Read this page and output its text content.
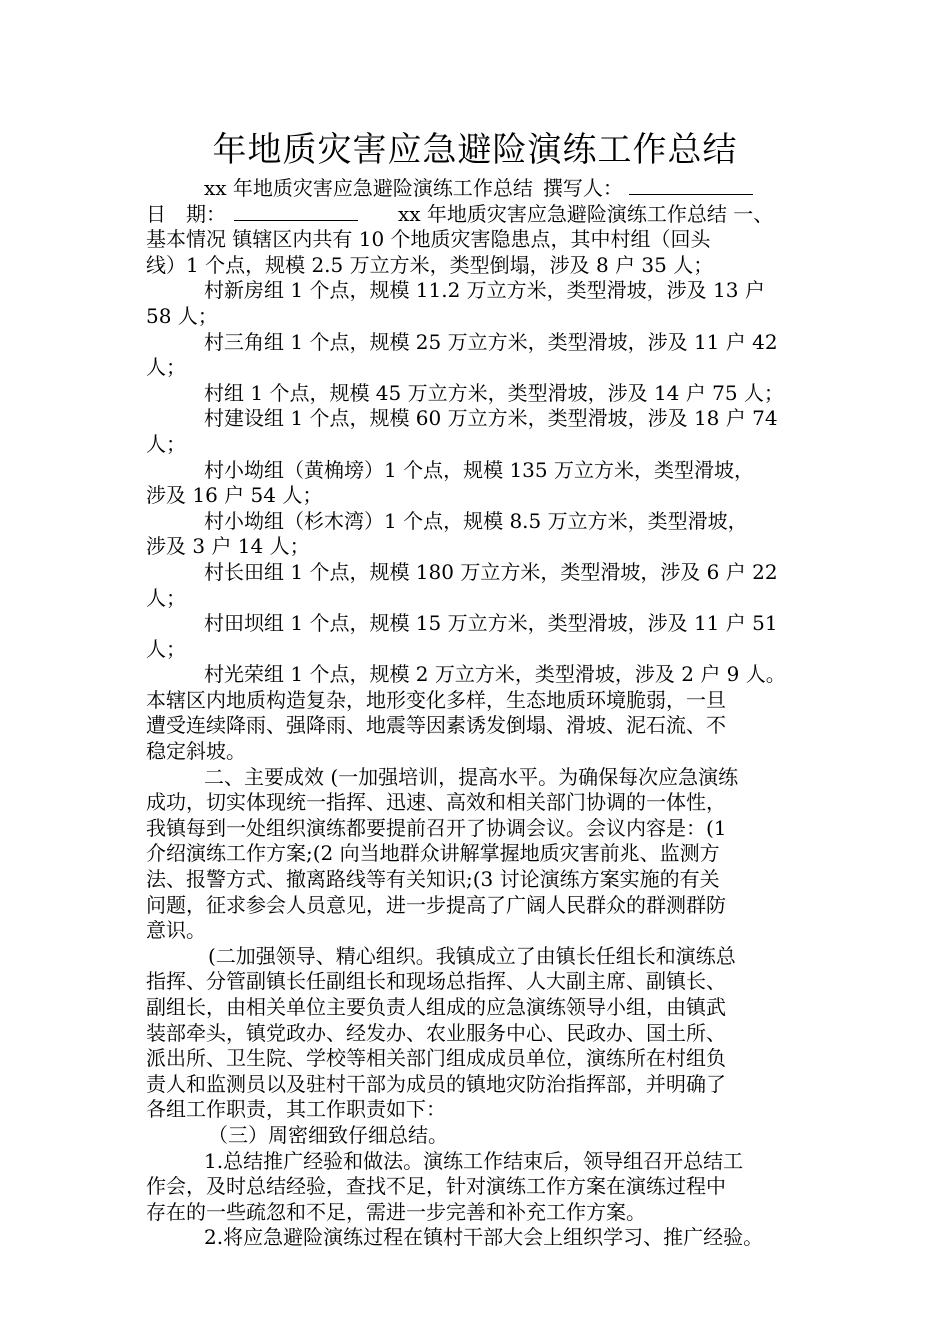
年地质灾害应急避险演练工作总结
xx 年地质灾害应急避险演练工作总结 撰写人：
日　期：	xx 年地质灾害应急避险演练工作总结 一、
基本情况 镇辖区内共有 10 个地质灾害隐患点，其中村组（回头
线）1 个点，规模 2.5 万立方米，类型倒塌，涉及 8 户 35 人；
村新房组 1 个点，规模 11.2 万立方米，类型滑坡，涉及 13 户
58 人；
村三角组 1 个点，规模 25 万立方米，类型滑坡，涉及 11 户 42
人；
村组 1 个点，规模 45 万立方米，类型滑坡，涉及 14 户 75 人；
村建设组 1 个点，规模 60 万立方米，类型滑坡，涉及 18 户 74
人；
村小坳组（黄桷塝）1 个点，规模 135 万立方米，类型滑坡，
涉及 16 户 54 人；
村小坳组（杉木湾）1 个点，规模 8.5 万立方米，类型滑坡，
涉及 3 户 14 人；
村长田组 1 个点，规模 180 万立方米，类型滑坡，涉及 6 户 22
人；
村田坝组 1 个点，规模 15 万立方米，类型滑坡，涉及 11 户 51
人；
村光荣组 1 个点，规模 2 万立方米，类型滑坡，涉及 2 户 9 人。
本辖区内地质构造复杂，地形变化多样，生态地质环境脆弱，一旦
遭受连续降雨、强降雨、地震等因素诱发倒塌、滑坡、泥石流、不
稳定斜坡。
二、主要成效 (一加强培训，提高水平。为确保每次应急演练
成功，切实体现统一指挥、迅速、高效和相关部门协调的一体性，
我镇每到一处组织演练都要提前召开了协调会议。会议内容是：(1
介绍演练工作方案;(2 向当地群众讲解掌握地质灾害前兆、监测方
法、报警方式、撤离路线等有关知识;(3 讨论演练方案实施的有关
问题，征求参会人员意见，进一步提高了广阔人民群众的群测群防
意识。
(二加强领导、精心组织。我镇成立了由镇长任组长和演练总
指挥、分管副镇长任副组长和现场总指挥、人大副主席、副镇长、
副组长，由相关单位主要负责人组成的应急演练领导小组，由镇武
装部牵头，镇党政办、经发办、农业服务中心、民政办、国土所、
派出所、卫生院、学校等相关部门组成成员单位，演练所在村组负
责人和监测员以及驻村干部为成员的镇地灾防治指挥部，并明确了
各组工作职责，其工作职责如下：
（三）周密细致仔细总结。
1.总结推广经验和做法。演练工作结束后，领导组召开总结工
作会，及时总结经验，查找不足，针对演练工作方案在演练过程中
存在的一些疏忽和不足，需进一步完善和补充工作方案。
2.将应急避险演练过程在镇村干部大会上组织学习、推广经验。
